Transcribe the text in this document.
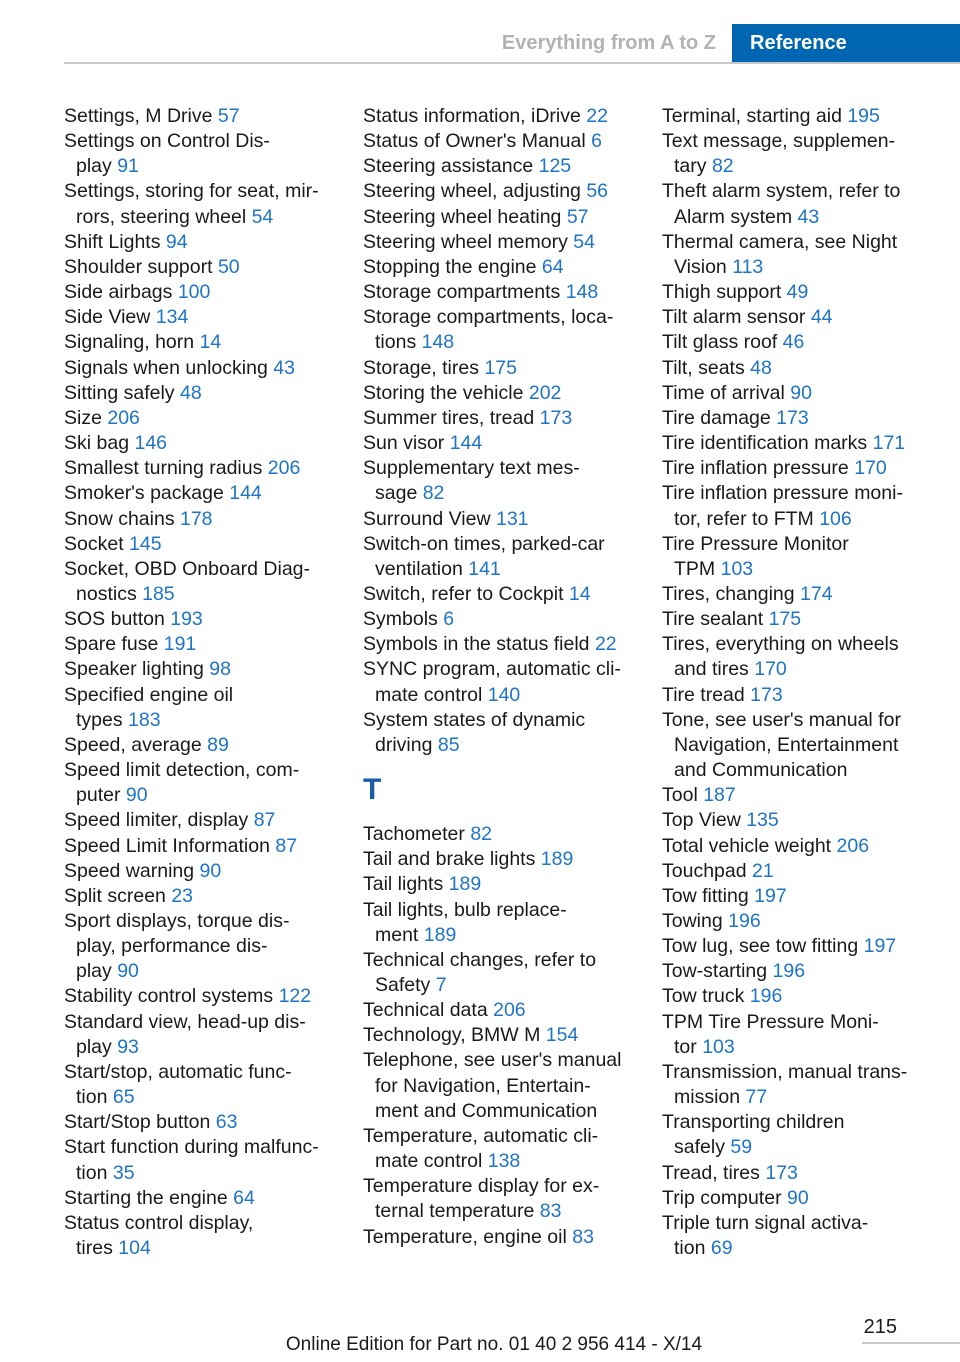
Everything from A to Z	Reference
Settings, M Drive 57
Settings on Control Dis-
play 91
Settings, storing for seat, mir-
rors, steering wheel 54
Shift Lights 94
Shoulder support 50
Side airbags 100
Side View 134
Signaling, horn 14
Signals when unlocking 43
Sitting safely 48
Size 206
Ski bag 146
Smallest turning radius 206
Smoker's package 144
Snow chains 178
Socket 145
Socket, OBD Onboard Diag-
nostics 185
SOS button 193
Spare fuse 191
Speaker lighting 98
Specified engine oil
types 183
Speed, average 89
Speed limit detection, com-
puter 90
Speed limiter, display 87
Speed Limit Information 87
Speed warning 90
Split screen 23
Sport displays, torque dis-
play, performance dis-
play 90
Stability control systems 122
Standard view, head-up dis-
play 93
Start/stop, automatic func-
tion 65
Start/Stop button 63
Start function during malfunc-
tion 35
Starting the engine 64
Status control display,
tires 104
Status information, iDrive 22
Status of Owner's Manual 6
Steering assistance 125
Steering wheel, adjusting 56
Steering wheel heating 57
Steering wheel memory 54
Stopping the engine 64
Storage compartments 148
Storage compartments, loca-
tions 148
Storage, tires 175
Storing the vehicle 202
Summer tires, tread 173
Sun visor 144
Supplementary text mes-
sage 82
Surround View 131
Switch-on times, parked-car
ventilation 141
Switch, refer to Cockpit 14
Symbols 6
Symbols in the status field 22
SYNC program, automatic cli-
mate control 140
System states of dynamic
driving 85
T
Tachometer 82
Tail and brake lights 189
Tail lights 189
Tail lights, bulb replace-
ment 189
Technical changes, refer to
Safety 7
Technical data 206
Technology, BMW M 154
Telephone, see user's manual
for Navigation, Entertain-
ment and Communication
Temperature, automatic cli-
mate control 138
Temperature display for ex-
ternal temperature 83
Temperature, engine oil 83
Terminal, starting aid 195
Text message, supplemen-
tary 82
Theft alarm system, refer to
Alarm system 43
Thermal camera, see Night
Vision 113
Thigh support 49
Tilt alarm sensor 44
Tilt glass roof 46
Tilt, seats 48
Time of arrival 90
Tire damage 173
Tire identification marks 171
Tire inflation pressure 170
Tire inflation pressure moni-
tor, refer to FTM 106
Tire Pressure Monitor
TPM 103
Tires, changing 174
Tire sealant 175
Tires, everything on wheels
and tires 170
Tire tread 173
Tone, see user's manual for
Navigation, Entertainment
and Communication
Tool 187
Top View 135
Total vehicle weight 206
Touchpad 21
Tow fitting 197
Towing 196
Tow lug, see tow fitting 197
Tow-starting 196
Tow truck 196
TPM Tire Pressure Moni-
tor 103
Transmission, manual trans-
mission 77
Transporting children
safely 59
Tread, tires 173
Trip computer 90
Triple turn signal activa-
tion 69
215
Online Edition for Part no. 01 40 2 956 414 - X/14
